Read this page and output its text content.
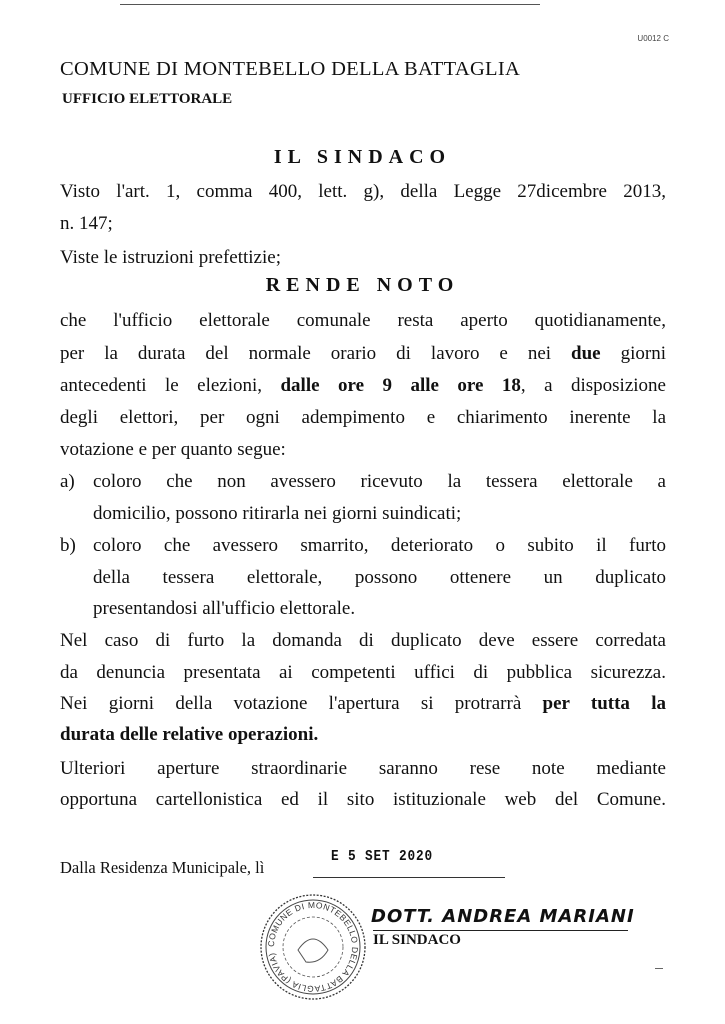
U0012 C
COMUNE DI MONTEBELLO DELLA BATTAGLIA
UFFICIO ELETTORALE
IL SINDACO
Visto l'art. 1, comma 400, lett. g), della Legge 27dicembre 2013,
n. 147;
Viste le istruzioni prefettizie;
RENDE NOTO
che l'ufficio elettorale comunale resta aperto quotidianamente,
per la durata del normale orario di lavoro e nei due giorni
antecedenti le elezioni, dalle ore 9 alle ore 18, a disposizione
degli elettori, per ogni adempimento e chiarimento inerente la
votazione e per quanto segue:
a) coloro che non avessero ricevuto la tessera elettorale a
domicilio, possono ritirarla nei giorni suindicati;
b) coloro che avessero smarrito, deteriorato o subito il furto
della tessera elettorale, possono ottenere un duplicato
presentandosi all'ufficio elettorale.
Nel caso di furto la domanda di duplicato deve essere corredata
da denuncia presentata ai competenti uffici di pubblica sicurezza.
Nei giorni della votazione l'apertura si protrarrà per tutta la
durata delle relative operazioni.
Ulteriori aperture straordinarie saranno rese note mediante
opportuna cartellonistica ed il sito istituzionale web del Comune.
Dalla Residenza Municipale, lì
E 5 SET 2020
COMUNE DI MONTEBELLO DELLA BATTAGLIA (PAVIA)
DOTT. ANDREA MARIANI
IL SINDACO
